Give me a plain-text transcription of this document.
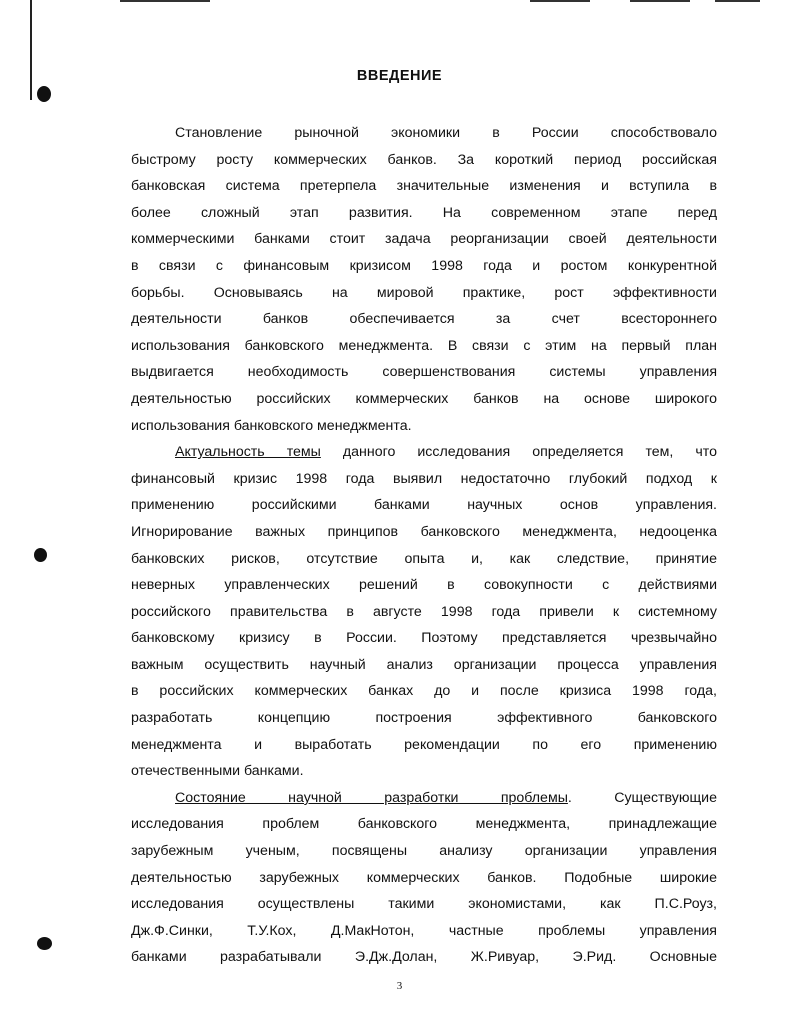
ВВЕДЕНИЕ
Становление рыночной экономики в России способствовало
быстрому росту коммерческих банков. За короткий период российская
банковская система претерпела значительные изменения и вступила в
более сложный этап развития. На современном этапе перед
коммерческими банками стоит задача реорганизации своей деятельности
в связи с финансовым кризисом 1998 года и ростом конкурентной
борьбы. Основываясь на мировой практике, рост эффективности
деятельности банков обеспечивается за счет всестороннего
использования банковского менеджмента. В связи с этим на первый план
выдвигается необходимость совершенствования системы управления
деятельностью российских коммерческих банков на основе широкого
использования банковского менеджмента.
Актуальность темы данного исследования определяется тем, что
финансовый кризис 1998 года выявил недостаточно глубокий подход к
применению российскими банками научных основ управления.
Игнорирование важных принципов банковского менеджмента, недооценка
банковских рисков, отсутствие опыта и, как следствие, принятие
неверных управленческих решений в совокупности с действиями
российского правительства в августе 1998 года привели к системному
банковскому кризису в России. Поэтому представляется чрезвычайно
важным осуществить научный анализ организации процесса управления
в российских коммерческих банках до и после кризиса 1998 года,
разработать концепцию построения эффективного банковского
менеджмента и выработать рекомендации по его применению
отечественными банками.
Состояние научной разработки проблемы. Существующие
исследования проблем банковского менеджмента, принадлежащие
зарубежным ученым, посвящены анализу организации управления
деятельностью зарубежных коммерческих банков. Подобные широкие
исследования осуществлены такими экономистами, как П.С.Роуз,
Дж.Ф.Синки, Т.У.Кох, Д.МакНотон, частные проблемы управления
банками разрабатывали Э.Дж.Долан, Ж.Ривуар, Э.Рид. Основные
3
